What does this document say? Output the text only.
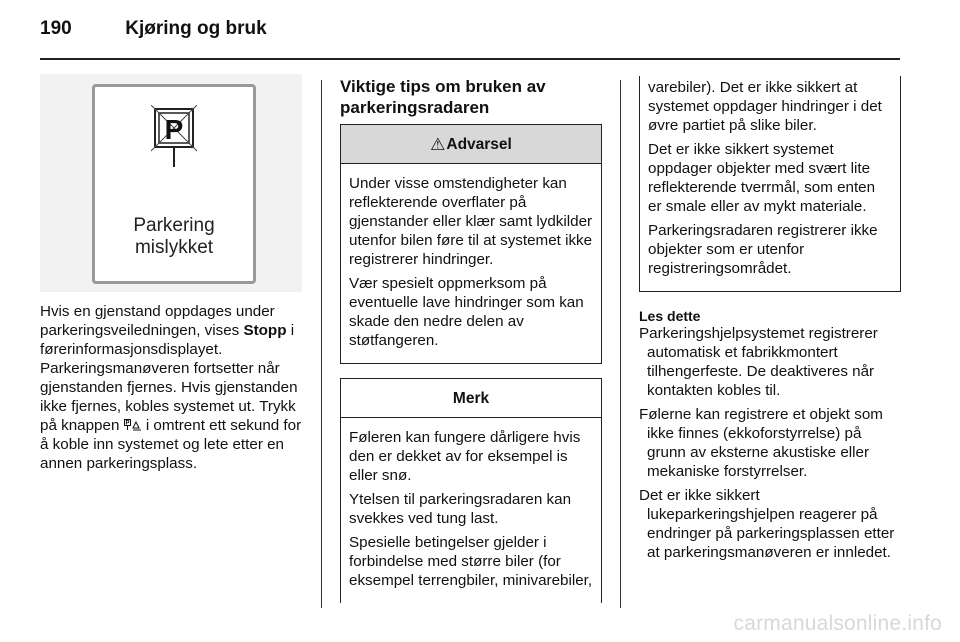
190	Kjøring og bruk
P
Parkering
mislykket

Hvis en gjenstand oppdages under parkeringsveiledningen, vises Stopp i førerinformasjonsdisplayet. Parkeringsmanøveren fortsetter når gjenstanden fjernes. Hvis gjenstanden ikke fjernes, kobles systemet ut. Trykk på knappen P i omtrent ett sekund for å koble inn systemet og lete etter en annen parkeringsplass.

Viktige tips om bruken av parkeringsradaren
⚠ Advarsel

Under visse omstendigheter kan reflekterende overflater på gjenstander eller klær samt lydkilder utenfor bilen føre til at systemet ikke registrerer hindringer.

Vær spesielt oppmerksom på eventuelle lave hindringer som kan skade den nedre delen av støtfangeren.

Merk

Føleren kan fungere dårligere hvis den er dekket av for eksempel is eller snø.

Ytelsen til parkeringsradaren kan svekkes ved tung last.

Spesielle betingelser gjelder i forbindelse med større biler (for eksempel terrengbiler, minivarebiler,

varebiler). Det er ikke sikkert at systemet oppdager hindringer i det øvre partiet på slike biler.

Det er ikke sikkert systemet oppdager objekter med svært lite reflekterende tverrmål, som enten er smale eller av mykt materiale.

Parkeringsradaren registrerer ikke objekter som er utenfor registreringsområdet.

Les dette

Parkeringshjelpsystemet registrerer automatisk et fabrikkmontert tilhengerfeste. De deaktiveres når kontakten kobles til.

Følerne kan registrere et objekt som ikke finnes (ekkoforstyrrelse) på grunn av eksterne akustiske eller mekaniske forstyrrelser.

Det er ikke sikkert lukeparkeringshjelpen reagerer på endringer på parkeringsplassen etter at parkeringsmanøveren er innledet.

carmanualsonline.info
